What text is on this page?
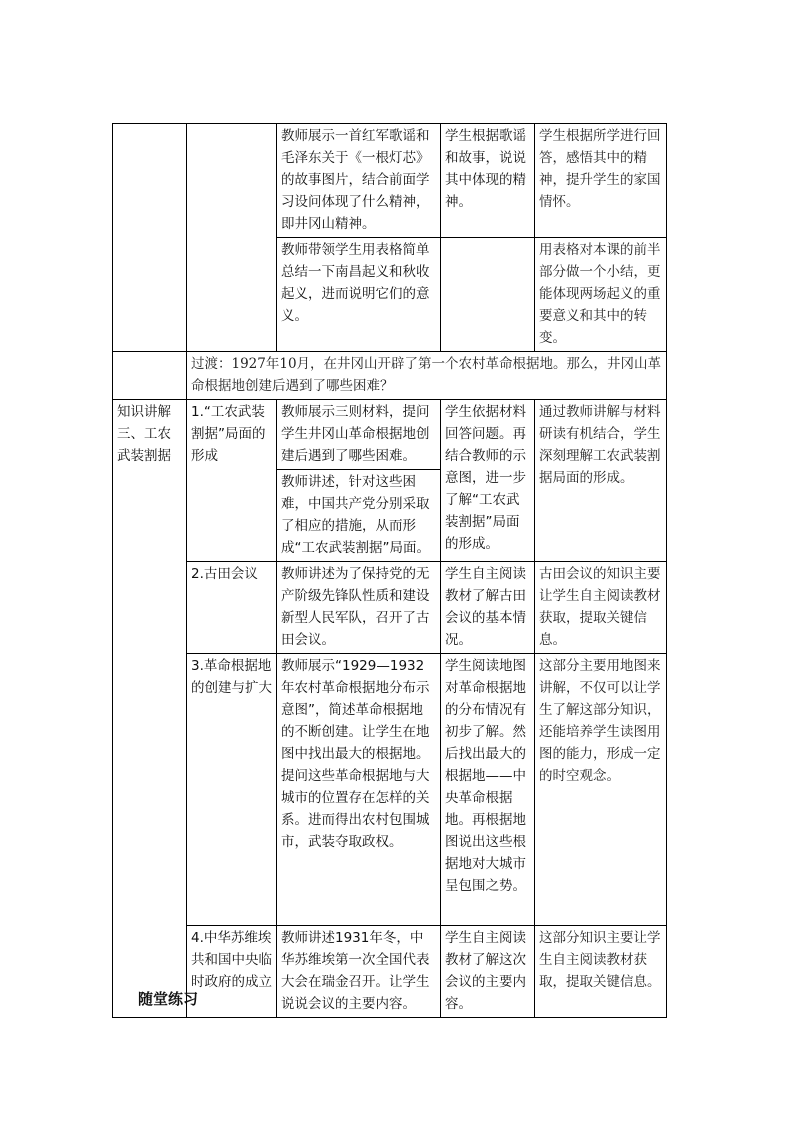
		教师展示一首红军歌谣和毛泽东关于《一根灯芯》的故事图片，结合前面学习设问体现了什么精神，即井冈山精神。	学生根据歌谣和故事，说说其中体现的精神。	学生根据所学进行回答，感悟其中的精神，提升学生的家国情怀。
		教师带领学生用表格简单总结一下南昌起义和秋收起义，进而说明它们的意义。		用表格对本课的前半部分做一个小结，更能体现两场起义的重要意义和其中的转变。
	过渡：1927年10月，在井冈山开辟了第一个农村革命根据地。那么，井冈山革命根据地创建后遇到了哪些困难？			
知识讲解三、工农武装割据	1.“工农武装割据”局面的形成	教师展示三则材料，提问学生井冈山革命根据地创建后遇到了哪些困难。	学生依据材料回答问题。再结合教师的示意图，进一步了解“工农武装割据”局面的形成。	通过教师讲解与材料研读有机结合，学生深刻理解工农武装割据局面的形成。
		教师讲述，针对这些困难，中国共产党分别采取了相应的措施，从而形成“工农武装割据”局面。		
	2.古田会议	教师讲述为了保持党的无产阶级先锋队性质和建设新型人民军队，召开了古田会议。	学生自主阅读教材了解古田会议的基本情况。	古田会议的知识主要让学生自主阅读教材获取，提取关键信息。
	3.革命根据地的创建与扩大	教师展示“1929—1932年农村革命根据地分布示意图”，简述革命根据地的不断创建。让学生在地图中找出最大的根据地。提问这些革命根据地与大城市的位置存在怎样的关系。进而得出农村包围城市，武装夺取政权。	学生阅读地图对革命根据地的分布情况有初步了解。然后找出最大的根据地——中央革命根据地。再根据地图说出这些根据地对大城市呈包围之势。	这部分主要用地图来讲解，不仅可以让学生了解这部分知识，还能培养学生读图用图的能力，形成一定的时空观念。
	4.中华苏维埃共和国中央临时政府的成立	教师讲述1931年冬，中华苏维埃第一次全国代表大会在瑞金召开。让学生说说会议的主要内容。	学生自主阅读教材了解这次会议的主要内容。	这部分知识主要让学生自主阅读教材获取，提取关键信息。
随堂练习
